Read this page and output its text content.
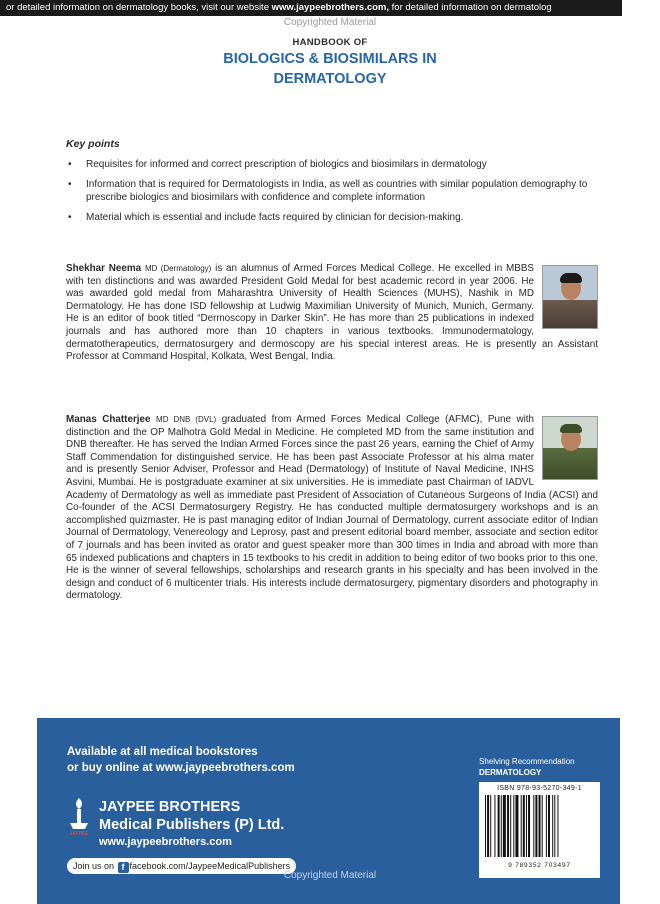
or detailed information on dermatology books, visit our website www.jaypeebrothers.com, for detailed information on dermatolog
Copyrighted Material
HANDBOOK OF
BIOLOGICS & BIOSIMILARS IN
DERMATOLOGY
Key points
• Requisites for informed and correct prescription of biologics and biosimilars in dermatology
• Information that is required for Dermatologists in India, as well as countries with similar population demography to prescribe biologics and biosimilars with confidence and complete information
• Material which is essential and include facts required by clinician for decision-making.
Shekhar Neema MD (Dermatology) is an alumnus of Armed Forces Medical College. He excelled in MBBS with ten distinctions and was awarded President Gold Medal for best academic record in year 2006. He was awarded gold medal from Maharashtra University of Health Sciences (MUHS), Nashik in MD Dermatology. He has done ISD fellowship at Ludwig Maximilian University of Munich, Munich, Germany. He is an editor of book titled “Dermoscopy in Darker Skin”. He has more than 25 publications in indexed journals and has authored more than 10 chapters in various textbooks. Immunodermatology, dermatotherapeutics, dermatosurgery and dermoscopy are his special interest areas. He is presently an Assistant Professor at Command Hospital, Kolkata, West Bengal, India.
Manas Chatterjee MD DNB (DVL) graduated from Armed Forces Medical College (AFMC), Pune with distinction and the OP Malhotra Gold Medal in Medicine. He completed MD from the same institution and DNB thereafter. He has served the Indian Armed Forces since the past 26 years, earning the Chief of Army Staff Commendation for distinguished service. He has been past Associate Professor at his alma mater and is presently Senior Adviser, Professor and Head (Dermatology) of Institute of Naval Medicine, INHS Asvini, Mumbai. He is postgraduate examiner at six universities. He is immediate past Chairman of IADVL Academy of Dermatology as well as immediate past President of Association of Cutaneous Surgeons of India (ACSI) and Co-founder of the ACSI Dermatosurgery Registry. He has conducted multiple dermatosurgery workshops and is an accomplished quizmaster. He is past managing editor of Indian Journal of Dermatology, current associate editor of Indian Journal of Dermatology, Venereology and Leprosy, past and present editorial board member, associate and section editor of 7 journals and has been invited as orator and guest speaker more than 300 times in India and abroad with more than 65 indexed publications and chapters in 15 textbooks to his credit in addition to being editor of two books prior to this one. He is the winner of several fellowships, scholarships and research grants in his specialty and has been involved in the design and conduct of 6 multicenter trials. His interests include dermatosurgery, pigmentary disorders and photography in dermatology.
Available at all medical bookstores
or buy online at www.jaypeebrothers.com
JAYPEE
JAYPEE BROTHERS
Medical Publishers (P) Ltd.
www.jaypeebrothers.com
Join us on f facebook.com/JaypeeMedicalPublishers
Shelving Recommendation
DERMATOLOGY
ISBN 978-93-5270-349-1
9 789352 703497
Copyrighted Material
